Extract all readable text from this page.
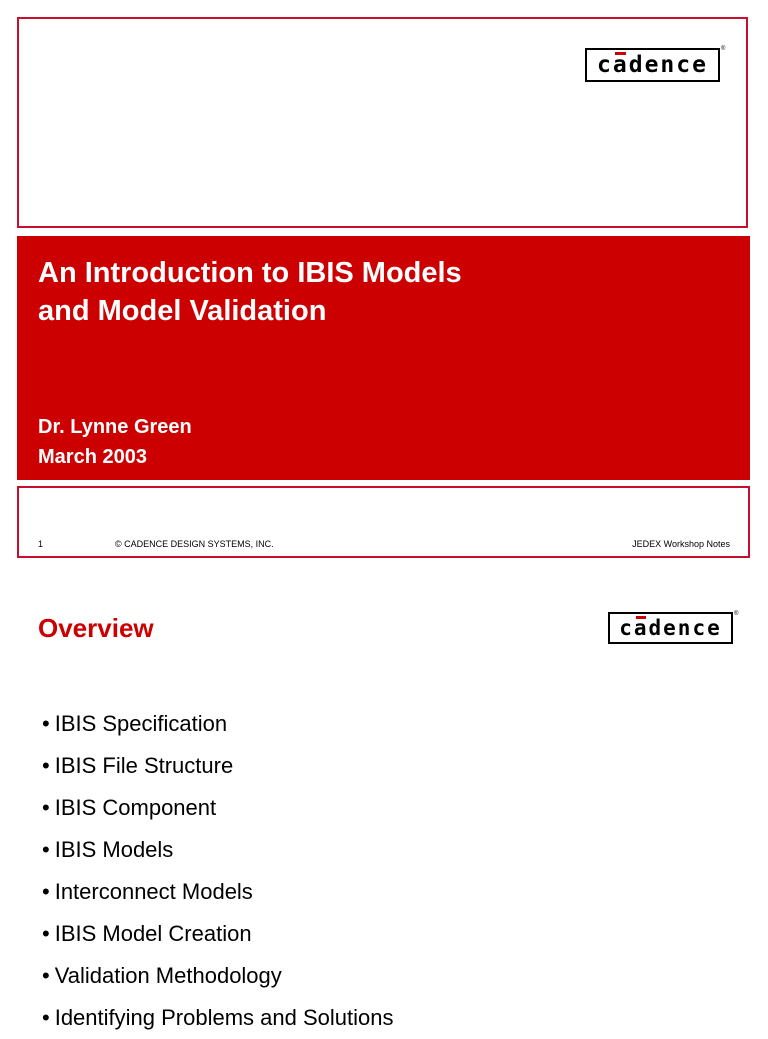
cadence
®
An Introduction to IBIS Models
and Model Validation
Dr. Lynne Green
March 2003
1	© CADENCE DESIGN SYSTEMS, INC.	JEDEX Workshop Notes
Overview	cadence
®
• IBIS Specification
• IBIS File Structure
• IBIS Component
• IBIS Models
• Interconnect Models
• IBIS Model Creation
• Validation Methodology
• Identifying Problems and Solutions
